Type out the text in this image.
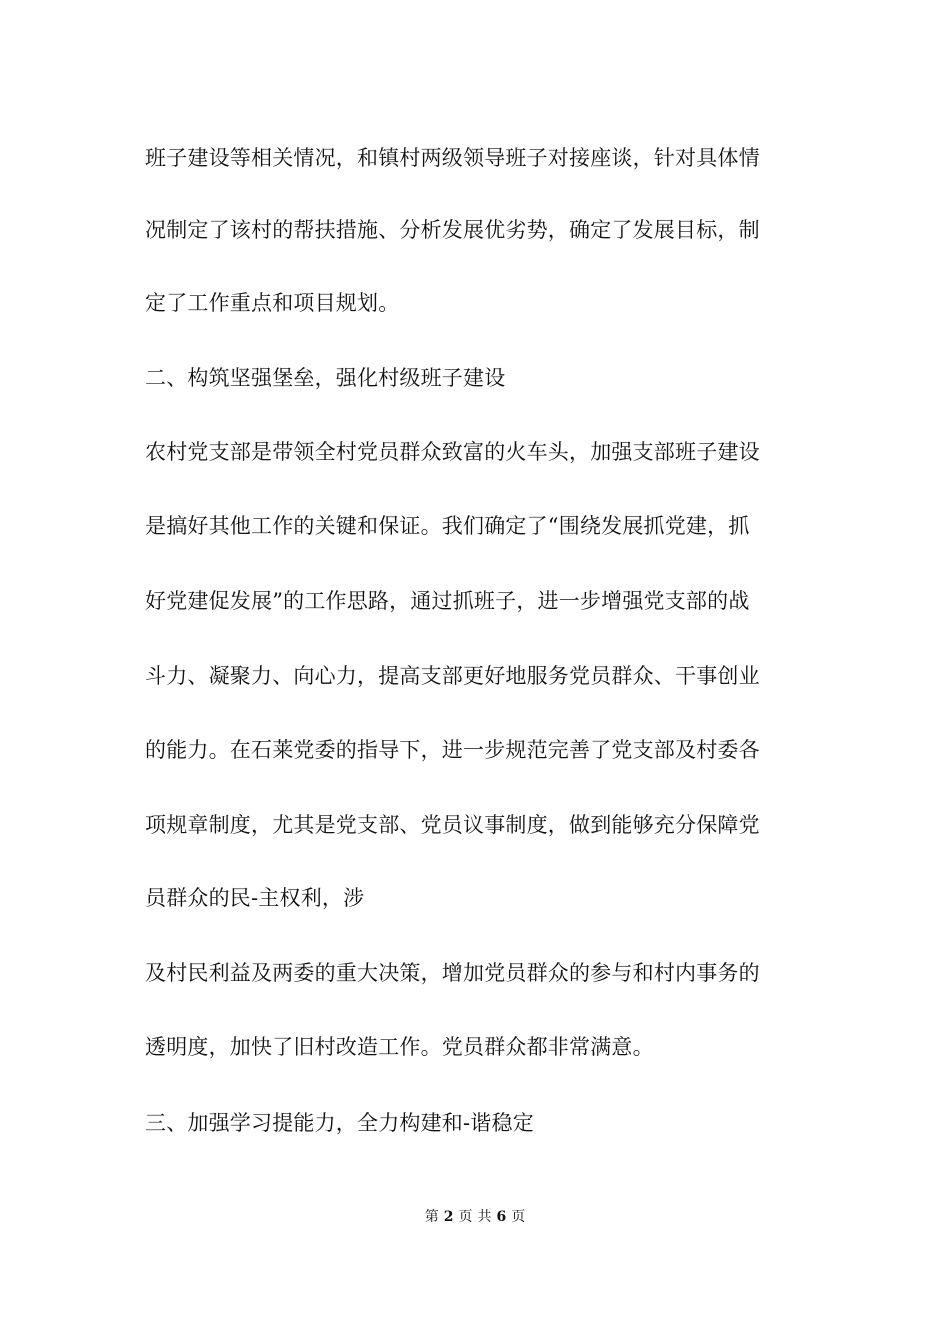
班子建设等相关情况，和镇村两级领导班子对接座谈，针对具体情
况制定了该村的帮扶措施、分析发展优劣势，确定了发展目标，制
定了工作重点和项目规划。
二、构筑坚强堡垒，强化村级班子建设
农村党支部是带领全村党员群众致富的火车头，加强支部班子建设
是搞好其他工作的关键和保证。我们确定了“围绕发展抓党建，抓
好党建促发展”的工作思路，通过抓班子，进一步增强党支部的战
斗力、凝聚力、向心力，提高支部更好地服务党员群众、干事创业
的能力。在石莱党委的指导下，进一步规范完善了党支部及村委各
项规章制度，尤其是党支部、党员议事制度，做到能够充分保障党
员群众的民-主权利，涉
及村民利益及两委的重大决策，增加党员群众的参与和村内事务的
透明度，加快了旧村改造工作。党员群众都非常满意。
三、加强学习提能力，全力构建和-谐稳定
第 2 页 共 6 页
